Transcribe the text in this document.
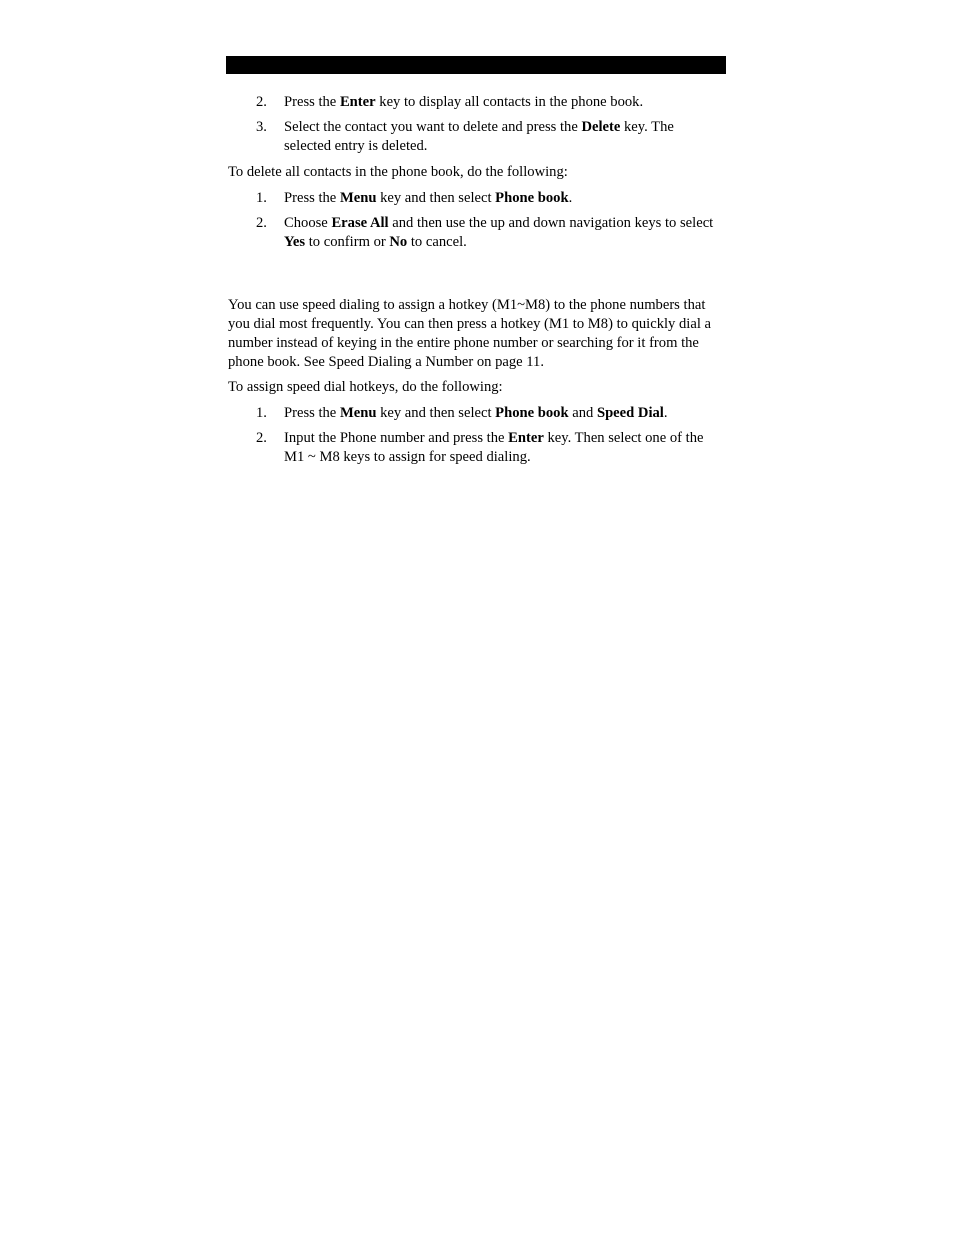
2. Press the Enter key to display all contacts in the phone book.
3. Select the contact you want to delete and press the Delete key. The selected entry is deleted.
To delete all contacts in the phone book, do the following:
1. Press the Menu key and then select Phone book.
2. Choose Erase All and then use the up and down navigation keys to select Yes to confirm or No to cancel.
You can use speed dialing to assign a hotkey (M1~M8) to the phone numbers that you dial most frequently. You can then press a hotkey (M1 to M8) to quickly dial a number instead of keying in the entire phone number or searching for it from the phone book. See Speed Dialing a Number on page 11.
To assign speed dial hotkeys, do the following:
1. Press the Menu key and then select Phone book and Speed Dial.
2. Input the Phone number and press the Enter key. Then select one of the M1 ~ M8 keys to assign for speed dialing.
